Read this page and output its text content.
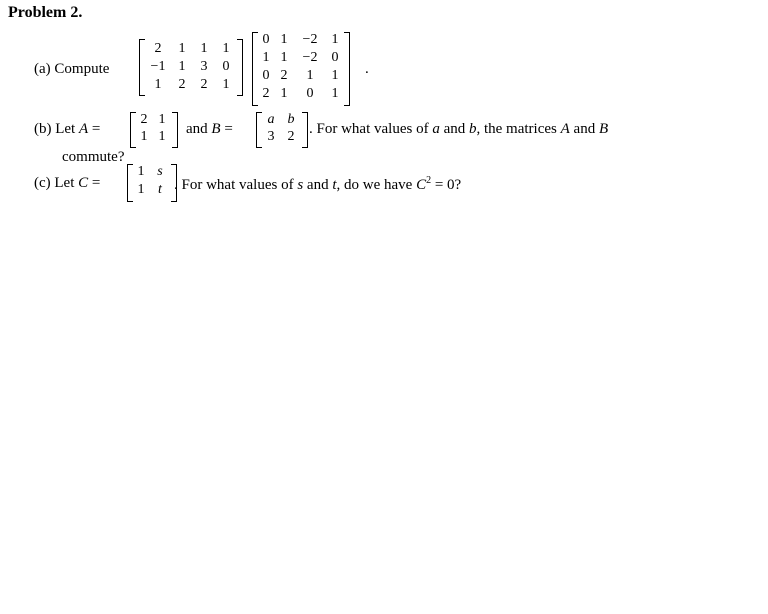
Problem 2.
(a) Compute
2	1	1	1
−1 1	3	0
1	2	2	1
0 1	−2	1
1 1	−2	0
0 2	1	1
2 1	0	1
.
(b) Let A =
2 1
1 1	and B =
a b
3 2 . For what values of a and b, the matrices A and B
commute?
(c) Let C =
1 s
1 t . For what values of s and t, do we have $C^2 = 0$?
